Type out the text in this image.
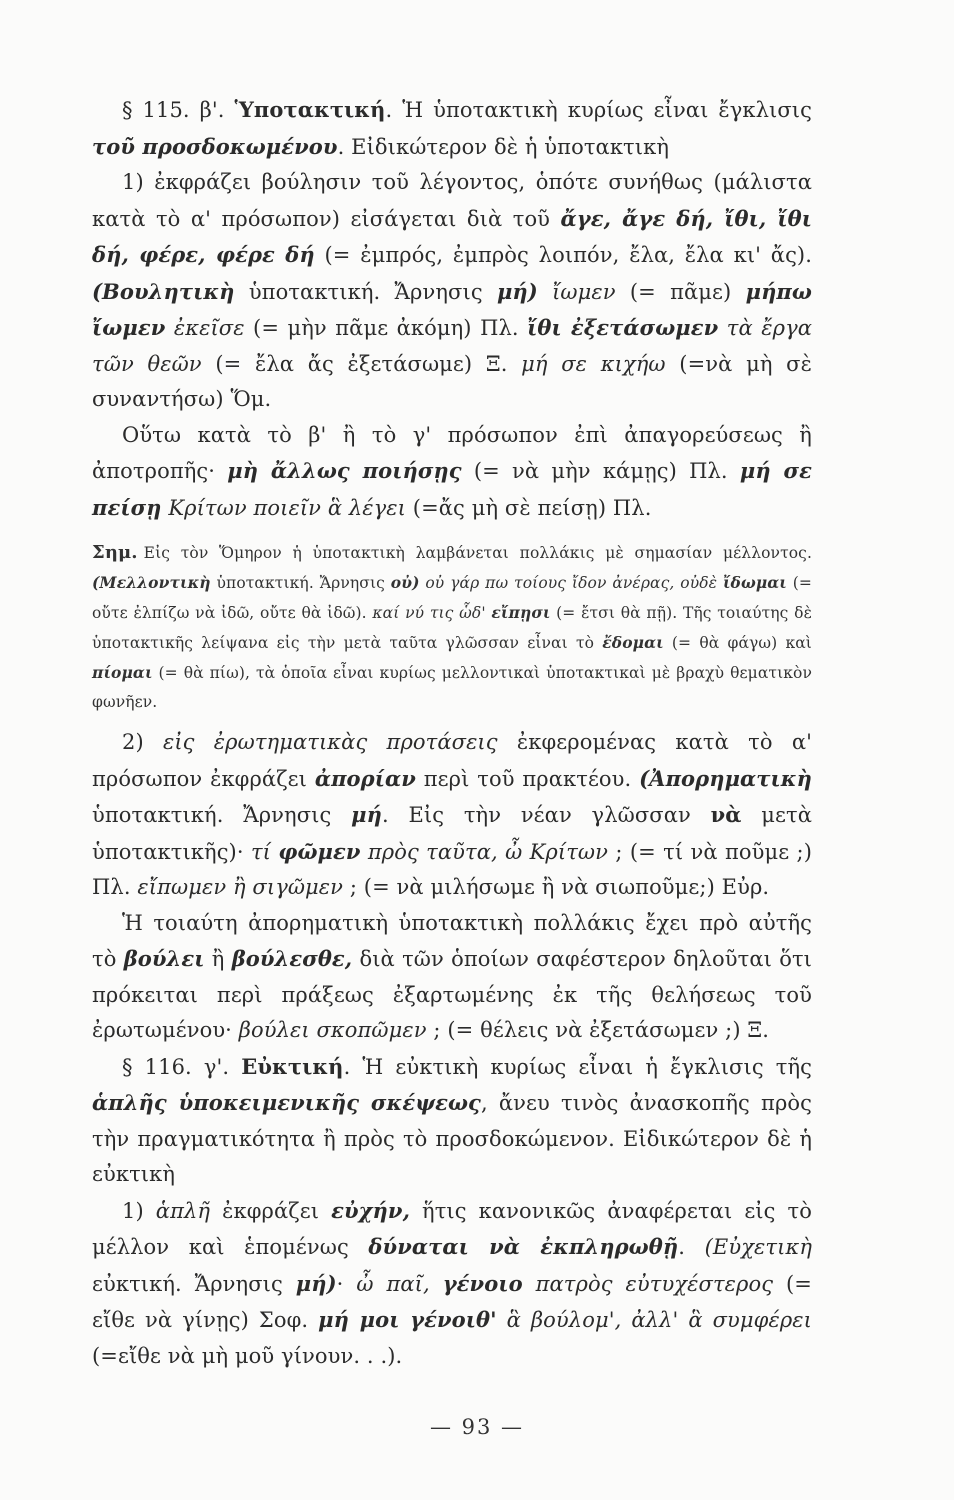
§ 115. β'. Ὑποτακτική. Ἡ ὑποτακτικὴ κυρίως εἶναι ἔγκλισις τοῦ προσδοκωμένου. Εἰδικώτερον δὲ ἡ ὑποτακτικὴ

1) ἐκφράζει βούλησιν τοῦ λέγοντος, ὁπότε συνήθως (μάλιστα κατὰ τὸ α' πρόσωπον) εἰσάγεται διὰ τοῦ ἄγε, ἄγε δή, ἴθι, ἴθι δή, φέρε, φέρε δή (= ἐμπρός, ἐμπρὸς λοιπόν, ἔλα, ἔλα κι' ἄς). (Βουλητικὴ ὑποτακτική. Ἄρνησις μή) ἴωμεν (= πᾶμε) μήπω ἴωμεν ἐκεῖσε (= μὴν πᾶμε ἀκόμη) Πλ. ἴθι ἐξετάσωμεν τὰ ἔργα τῶν θεῶν (= ἔλα ἄς ἐξετάσωμε) Ξ. μή σε κιχήω (=νὰ μὴ σὲ συναντήσω) Ὅμ.

Οὕτω κατὰ τὸ β' ἢ τὸ γ' πρόσωπον ἐπὶ ἀπαγορεύσεως ἢ ἀποτροπῆς· μὴ ἄλλως ποιήσῃς (= νὰ μὴν κάμῃς) Πλ. μή σε πείσῃ Κρίτων ποιεῖν ἃ λέγει (=ἄς μὴ σὲ πείσῃ) Πλ.

Σημ. Εἰς τὸν Ὅμηρον ἡ ὑποτακτικὴ λαμβάνεται πολλάκις μὲ σημασίαν μέλλοντος. (Μελλοντικὴ ὑποτακτική. Ἄρνησις οὐ) οὐ γάρ πω τοίους ἴδον ἀνέρας, οὐδὲ ἴδωμαι (= οὔτε ἐλπίζω νὰ ἰδῶ, οὔτε θὰ ἰδῶ). καί νύ τις ὧδ' εἴπῃσι (= ἔτσι θὰ πῇ). Τῆς τοιαύτης δὲ ὑποτακτικῆς λείψανα εἰς τὴν μετὰ ταῦτα γλῶσσαν εἶναι τὸ ἔδομαι (= θὰ φάγω) καὶ πίομαι (= θὰ πίω), τὰ ὁποῖα εἶναι κυρίως μελλοντικαὶ ὑποτακτικαὶ μὲ βραχὺ θεματικὸν φωνῆεν.

2) εἰς ἐρωτηματικὰς προτάσεις ἐκφερομένας κατὰ τὸ α' πρόσωπον ἐκφράζει ἀπορίαν περὶ τοῦ πρακτέου. (Ἀπορηματικὴ ὑποτακτική. Ἄρνησις μή. Εἰς τὴν νέαν γλῶσσαν νὰ μετὰ ὑποτακτικῆς)· τί φῶμεν πρὸς ταῦτα, ὦ Κρίτων ; (= τί νὰ ποῦμε ;) Πλ. εἴπωμεν ἢ σιγῶμεν ; (= νὰ μιλήσωμε ἢ νὰ σιωποῦμε;) Εὐρ.

Ἡ τοιαύτη ἀπορηματικὴ ὑποτακτικὴ πολλάκις ἔχει πρὸ αὐτῆς τὸ βούλει ἢ βούλεσθε, διὰ τῶν ὁποίων σαφέστερον δηλοῦται ὅτι πρόκειται περὶ πράξεως ἐξαρτωμένης ἐκ τῆς θελήσεως τοῦ ἐρωτωμένου· βούλει σκοπῶμεν ; (= θέλεις νὰ ἐξετάσωμεν ;) Ξ.

§ 116. γ'. Εὐκτική. Ἡ εὐκτικὴ κυρίως εἶναι ἡ ἔγκλισις τῆς ἁπλῆς ὑποκειμενικῆς σκέψεως, ἄνευ τινὸς ἀνασκοπῆς πρὸς τὴν πραγματικότητα ἢ πρὸς τὸ προσδοκώμενον. Εἰδικώτερον δὲ ἡ εὐκτικὴ

1) ἁπλῆ ἐκφράζει εὐχήν, ἥτις κανονικῶς ἀναφέρεται εἰς τὸ μέλλον καὶ ἑπομένως δύναται νὰ ἐκπληρωθῇ. (Εὐχετικὴ εὐκτική. Ἄρνησις μή)· ὦ παῖ, γένοιο πατρὸς εὐτυχέστερος (= εἴθε νὰ γίνῃς) Σοφ. μή μοι γένοιθ' ἃ βούλομ', ἀλλ' ἃ συμφέρει (=εἴθε νὰ μὴ μοῦ γίνουν. . .).

— 93 —
